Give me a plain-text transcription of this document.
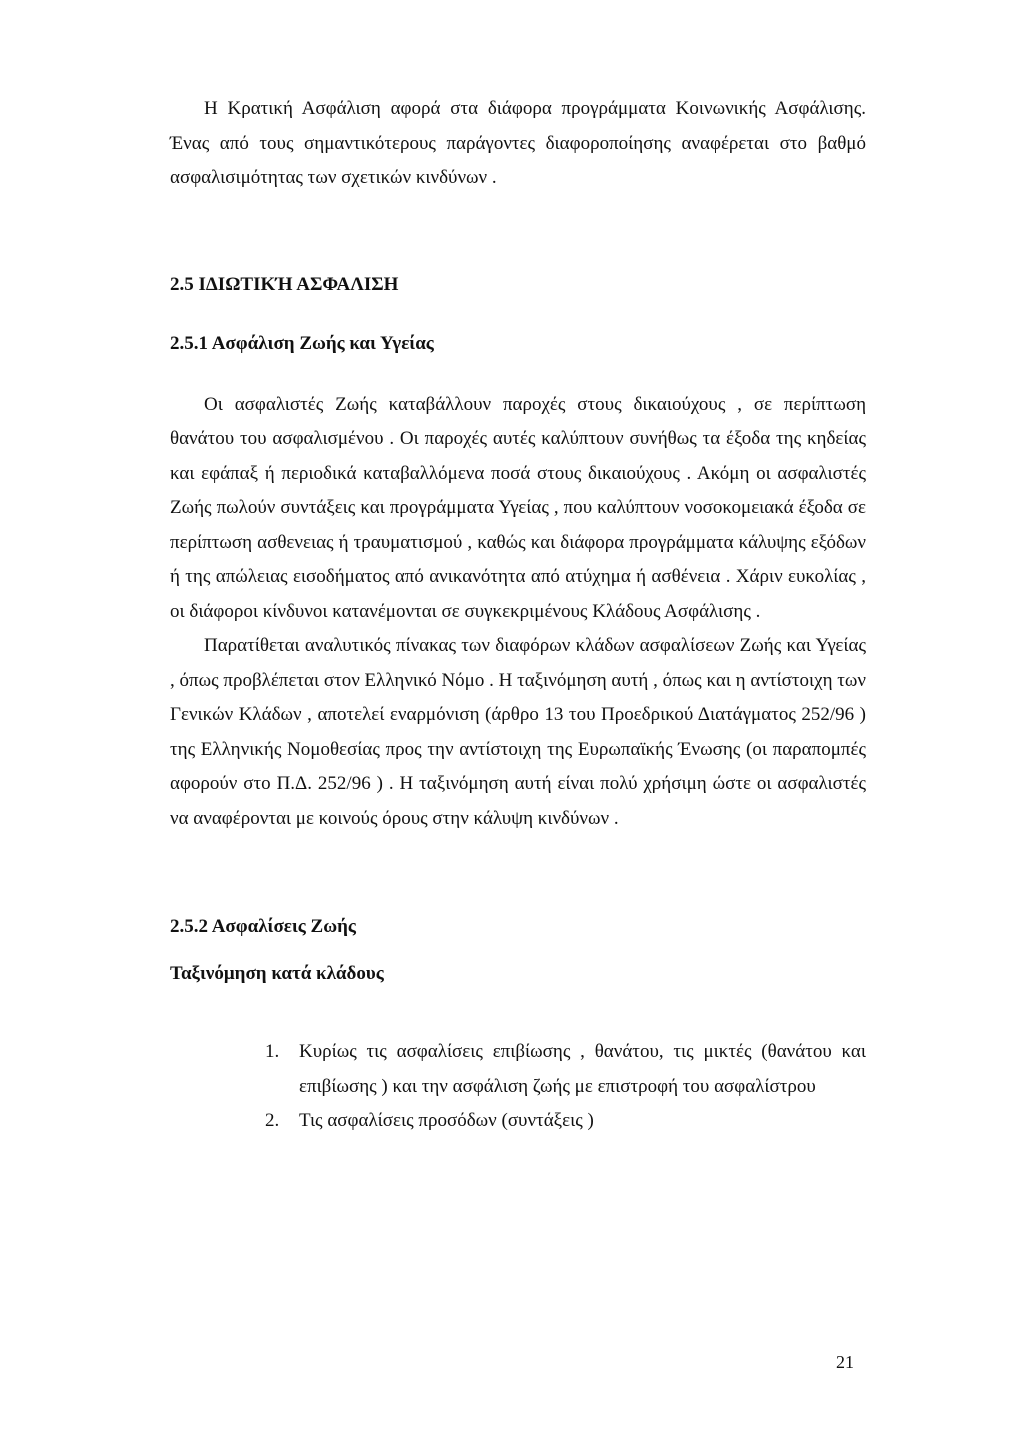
Η Κρατική Ασφάλιση αφορά στα διάφορα προγράμματα Κοινωνικής Ασφάλισης. Ένας από τους σημαντικότερους παράγοντες διαφοροποίησης αναφέρεται στο βαθμό ασφαλισιμότητας των σχετικών κινδύνων .

2.5 ΙΔΙΩΤΙΚΉ ΑΣΦΑΛΙΣΗ
2.5.1 Ασφάλιση Ζωής και Υγείας

Οι ασφαλιστές Ζωής καταβάλλουν παροχές στους δικαιούχους , σε περίπτωση θανάτου του ασφαλισμένου . Οι παροχές αυτές καλύπτουν συνήθως τα έξοδα της κηδείας και εφάπαξ ή περιοδικά καταβαλλόμενα ποσά στους δικαιούχους . Ακόμη οι ασφαλιστές Ζωής πωλούν συντάξεις και προγράμματα Υγείας , που καλύπτουν νοσοκομειακά έξοδα σε περίπτωση ασθενειας ή τραυματισμού , καθώς και διάφορα προγράμματα κάλυψης εξόδων ή της απώλειας εισοδήματος από ανικανότητα από ατύχημα ή ασθένεια . Χάριν ευκολίας , οι διάφοροι κίνδυνοι κατανέμονται σε συγκεκριμένους Κλάδους Ασφάλισης .

Παρατίθεται αναλυτικός πίνακας των διαφόρων κλάδων ασφαλίσεων Ζωής και Υγείας , όπως προβλέπεται στον Ελληνικό Νόμο . Η ταξινόμηση αυτή , όπως και η αντίστοιχη των Γενικών Κλάδων , αποτελεί εναρμόνιση (άρθρο 13 του Προεδρικού Διατάγματος 252/96 ) της Ελληνικής Νομοθεσίας προς την αντίστοιχη της Ευρωπαϊκής Ένωσης (οι παραπομπές αφορούν στο Π.Δ. 252/96 ) . Η ταξινόμηση αυτή είναι πολύ χρήσιμη ώστε οι ασφαλιστές να αναφέρονται με κοινούς όρους στην κάλυψη κινδύνων .

2.5.2 Ασφαλίσεις Ζωής
Ταξινόμηση κατά κλάδους
1. Κυρίως τις ασφαλίσεις επιβίωσης , θανάτου, τις μικτές (θανάτου και επιβίωσης ) και την ασφάλιση ζωής με επιστροφή του ασφαλίστρου
2. Τις ασφαλίσεις προσόδων (συντάξεις )
21
